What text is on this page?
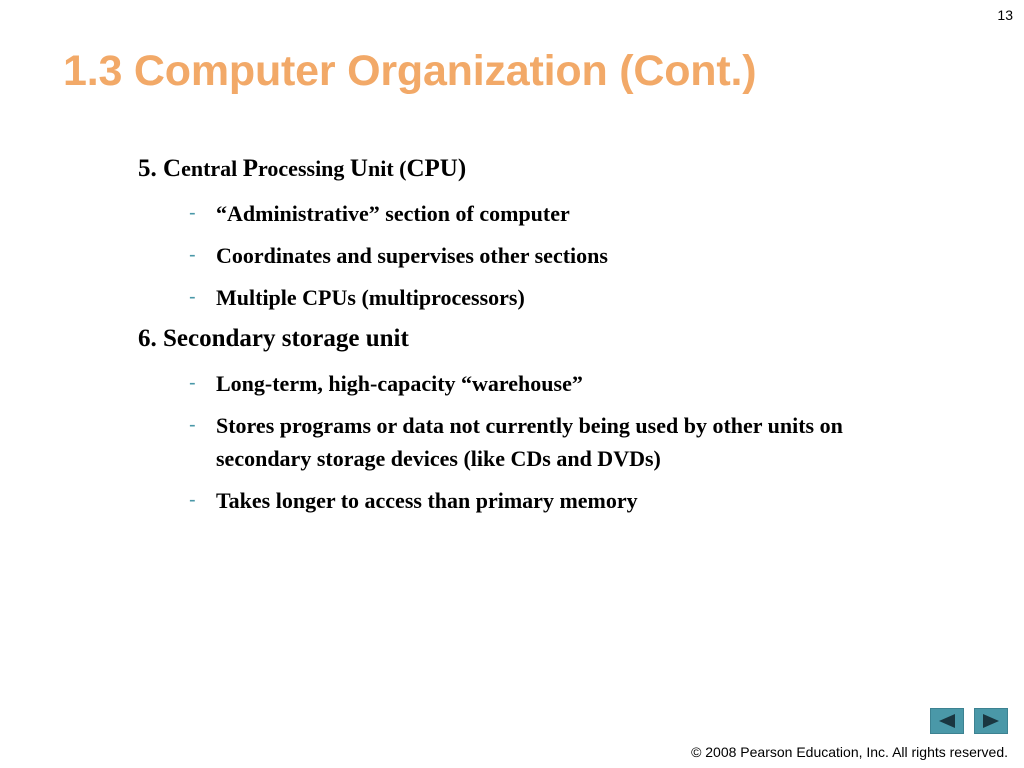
13
1.3 Computer Organization (Cont.)

5. Central Processing Unit (CPU)

- “Administrative” section of computer
- Coordinates and supervises other sections
- Multiple CPUs (multiprocessors)

6. Secondary storage unit

- Long-term, high-capacity “warehouse”
- Stores programs or data not currently being used by other units on secondary storage devices (like CDs and DVDs)
- Takes longer to access than primary memory
© 2008 Pearson Education, Inc. All rights reserved.
